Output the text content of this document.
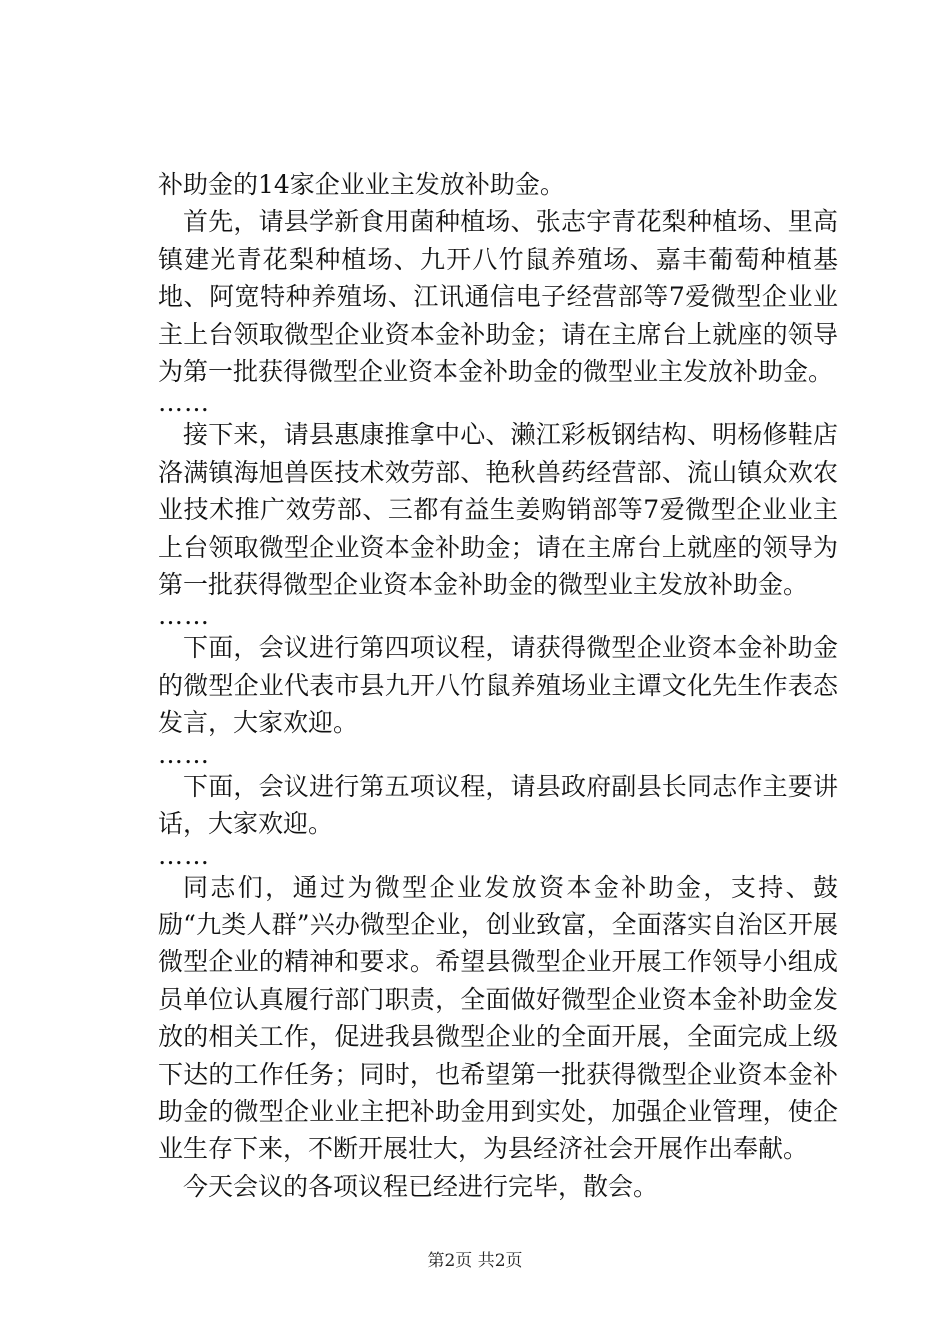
补助金的14家企业业主发放补助金。

首先，请县学新食用菌种植场、张志宇青花梨种植场、里高镇建光青花梨种植场、九开八竹鼠养殖场、嘉丰葡萄种植基地、阿宽特种养殖场、江讯通信电子经营部等7爱微型企业业主上台领取微型企业资本金补助金；请在主席台上就座的领导为第一批获得微型企业资本金补助金的微型业主发放补助金。

……

接下来，请县惠康推拿中心、濑江彩板钢结构、明杨修鞋店洛满镇海旭兽医技术效劳部、艳秋兽药经营部、流山镇众欢农业技术推广效劳部、三都有益生姜购销部等7爱微型企业业主上台领取微型企业资本金补助金；请在主席台上就座的领导为第一批获得微型企业资本金补助金的微型业主发放补助金。

……

下面，会议进行第四项议程，请获得微型企业资本金补助金的微型企业代表市县九开八竹鼠养殖场业主谭文化先生作表态发言，大家欢迎。

……

下面，会议进行第五项议程，请县政府副县长同志作主要讲话，大家欢迎。

……

同志们，通过为微型企业发放资本金补助金，支持、鼓励“九类人群”兴办微型企业，创业致富，全面落实自治区开展微型企业的精神和要求。希望县微型企业开展工作领导小组成员单位认真履行部门职责，全面做好微型企业资本金补助金发放的相关工作，促进我县微型企业的全面开展，全面完成上级下达的工作任务；同时，也希望第一批获得微型企业资本金补助金的微型企业业主把补助金用到实处，加强企业管理，使企业生存下来，不断开展壮大，为县经济社会开展作出奉献。

今天会议的各项议程已经进行完毕，散会。

第2页 共2页
